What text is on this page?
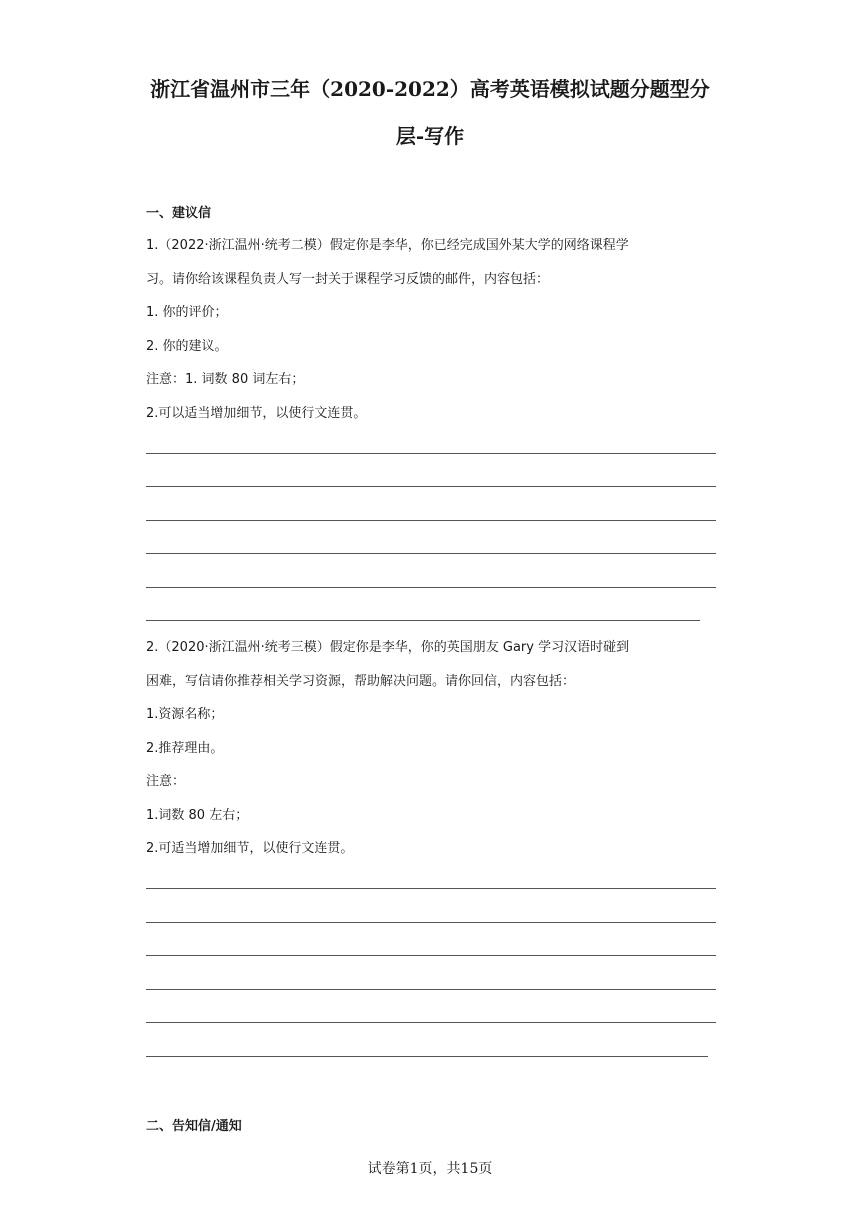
浙江省温州市三年（2020-2022）高考英语模拟试题分题型分
层-写作
一、建议信
1.（2022·浙江温州·统考二模）假定你是李华，你已经完成国外某大学的网络课程学
习。请你给该课程负责人写一封关于课程学习反馈的邮件，内容包括：
1. 你的评价；
2. 你的建议。
注意：1. 词数 80 词左右；
2.可以适当增加细节，以使行文连贯。
2.（2020·浙江温州·统考三模）假定你是李华，你的英国朋友 Gary 学习汉语时碰到
困难，写信请你推荐相关学习资源，帮助解决问题。请你回信，内容包括：
1.资源名称；
2.推荐理由。
注意：
1.词数 80 左右；
2.可适当增加细节，以使行文连贯。
二、告知信/通知
试卷第1页，共15页
